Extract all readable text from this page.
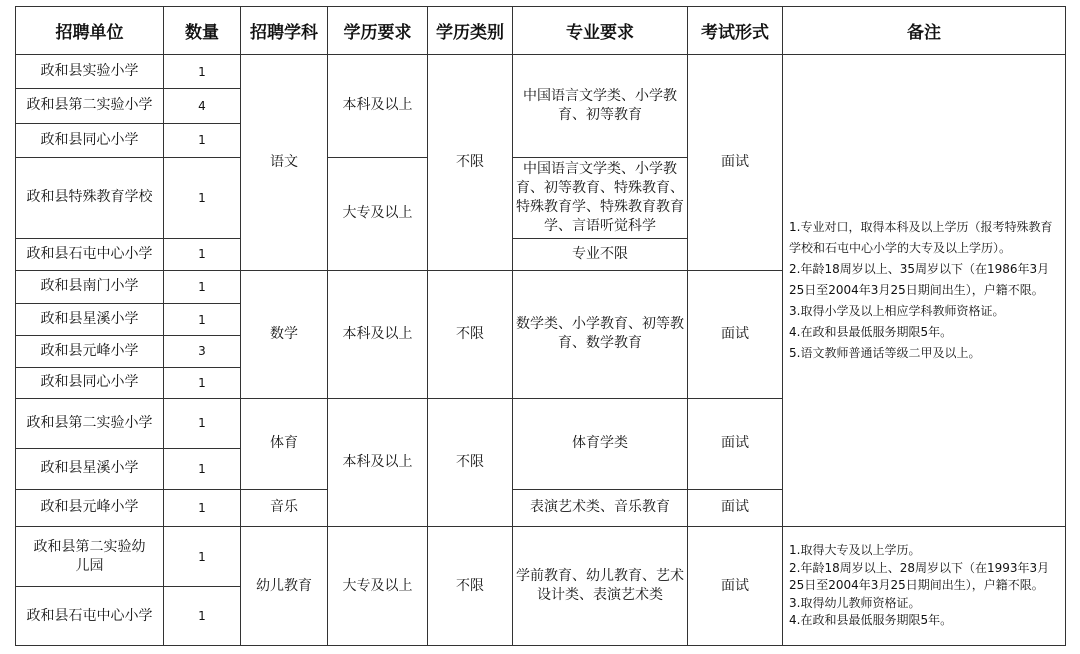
招聘单位	数量	招聘学科	学历要求	学历类别	专业要求	考试形式	备注
政和县实验小学	1	语文	本科及以上	不限	中国语言文学类、小学教育、初等教育	面试	1.专业对口，取得本科及以上学历（报考特殊教育学校和石屯中心小学的大专及以上学历）。
2.年龄18周岁以上、35周岁以下（在1986年3月25日至2004年3月25日期间出生），户籍不限。
3.取得小学及以上相应学科教师资格证。
4.在政和县最低服务期限5年。
5.语文教师普通话等级二甲及以上。

政和县第二实验小学	4						
政和县同心小学	1						
政和县特殊教育学校	1		大专及以上		中国语言文学类、小学教育、初等教育、特殊教育、特殊教育学、特殊教育教育学、言语听觉科学		
政和县石屯中心小学	1				专业不限		
政和县南门小学	1	数学	本科及以上	不限	数学类、小学教育、初等教育、数学教育	面试	
政和县星溪小学	1						
政和县元峰小学	3						
政和县同心小学	1						
政和县第二实验小学	1	体育	本科及以上	不限	体育学类	面试	
政和县星溪小学	1						
政和县元峰小学	1	音乐			表演艺术类、音乐教育	面试	
政和县第二实验幼儿园	1	幼儿教育	大专及以上	不限	学前教育、幼儿教育、艺术设计类、表演艺术类	面试	1.取得大专及以上学历。
2.年龄18周岁以上、28周岁以下（在1993年3月25日至2004年3月25日期间出生），户籍不限。
3.取得幼儿教师资格证。
4.在政和县最低服务期限5年。

政和县石屯中心小学	1						
